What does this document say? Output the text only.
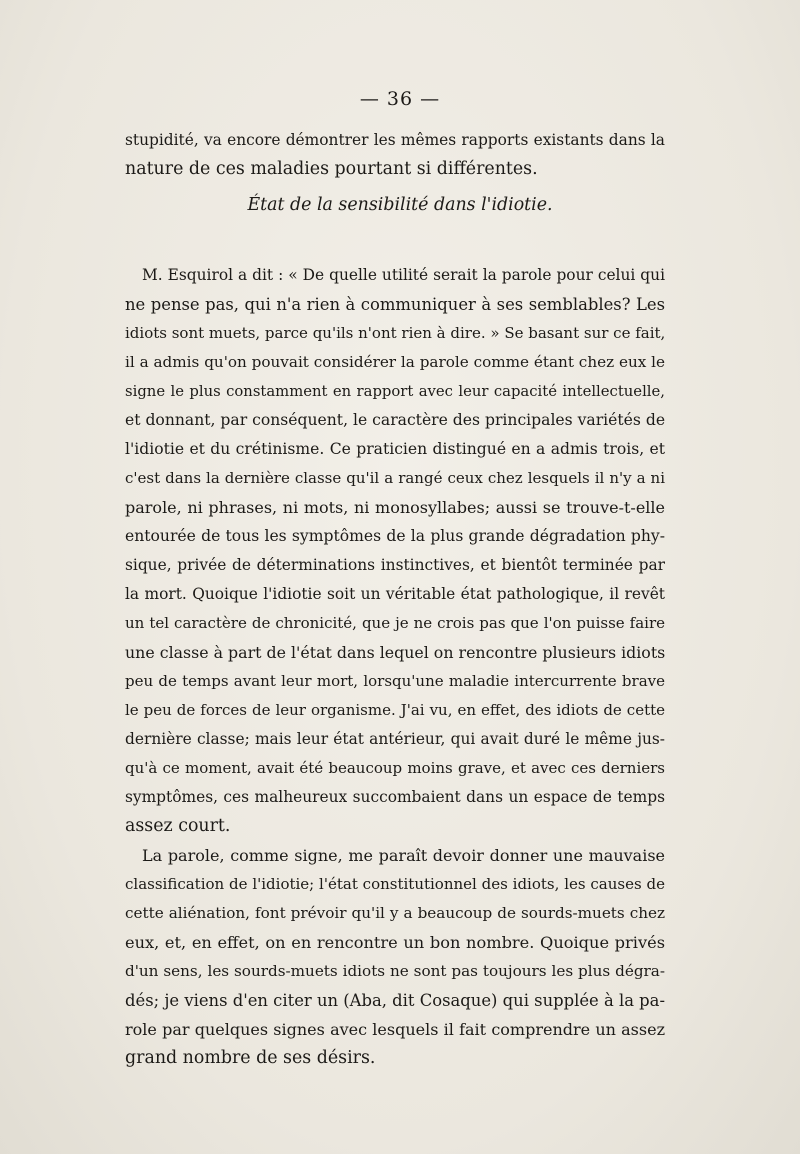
— 36 —
stupidité, va encore démontrer les mêmes rapports existants dans la
nature de ces maladies pourtant si différentes.
État de la sensibilité dans l'idiotie.
M. Esquirol a dit : « De quelle utilité serait la parole pour celui qui
ne pense pas, qui n'a rien à communiquer à ses semblables? Les
idiots sont muets, parce qu'ils n'ont rien à dire. » Se basant sur ce fait,
il a admis qu'on pouvait considérer la parole comme étant chez eux le
signe le plus constamment en rapport avec leur capacité intellectuelle,
et donnant, par conséquent, le caractère des principales variétés de
l'idiotie et du crétinisme. Ce praticien distingué en a admis trois, et
c'est dans la dernière classe qu'il a rangé ceux chez lesquels il n'y a ni
parole, ni phrases, ni mots, ni monosyllabes; aussi se trouve-t-elle
entourée de tous les symptômes de la plus grande dégradation phy-
sique, privée de déterminations instinctives, et bientôt terminée par
la mort. Quoique l'idiotie soit un véritable état pathologique, il revêt
un tel caractère de chronicité, que je ne crois pas que l'on puisse faire
une classe à part de l'état dans lequel on rencontre plusieurs idiots
peu de temps avant leur mort, lorsqu'une maladie intercurrente brave
le peu de forces de leur organisme. J'ai vu, en effet, des idiots de cette
dernière classe; mais leur état antérieur, qui avait duré le même jus-
qu'à ce moment, avait été beaucoup moins grave, et avec ces derniers
symptômes, ces malheureux succombaient dans un espace de temps
assez court.
La parole, comme signe, me paraît devoir donner une mauvaise
classification de l'idiotie; l'état constitutionnel des idiots, les causes de
cette aliénation, font prévoir qu'il y a beaucoup de sourds-muets chez
eux, et, en effet, on en rencontre un bon nombre. Quoique privés
d'un sens, les sourds-muets idiots ne sont pas toujours les plus dégra-
dés; je viens d'en citer un (Aba, dit Cosaque) qui supplée à la pa-
role par quelques signes avec lesquels il fait comprendre un assez
grand nombre de ses désirs.
